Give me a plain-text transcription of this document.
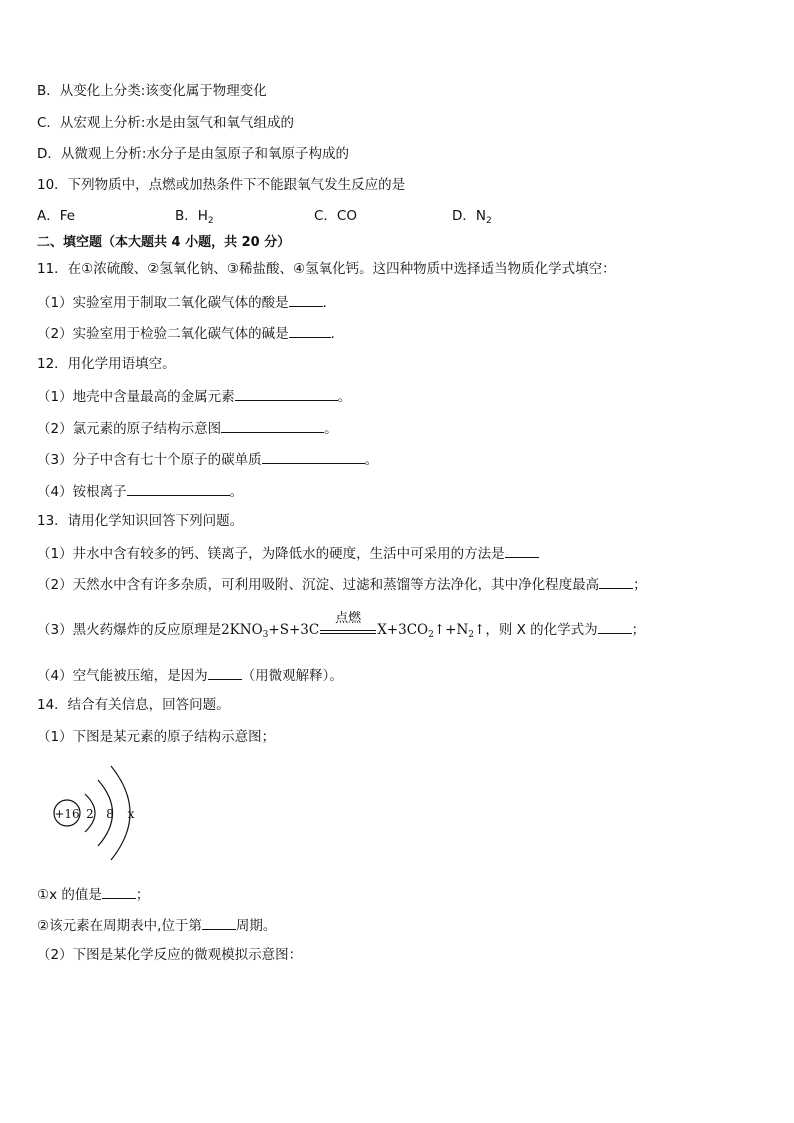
B．从变化上分类:该变化属于物理变化
C．从宏观上分析:水是由氢气和氧气组成的
D．从微观上分析:水分子是由氢原子和氧原子构成的
10．下列物质中，点燃或加热条件下不能跟氧气发生反应的是
A．Fe	B．$H_2$	C．CO	D．$N_2$
二、填空题（本大题共 4 小题，共 20 分）
11．在①浓硫酸、②氢氧化钠、③稀盐酸、④氢氧化钙。这四种物质中选择适当物质化学式填空：
（1）实验室用于制取二氧化碳气体的酸是	.
（2）实验室用于检验二氧化碳气体的碱是	.
12．用化学用语填空。
（1）地壳中含量最高的金属元素	。
（2）氯元素的原子结构示意图	。
（3）分子中含有七十个原子的碳单质	。
（4）铵根离子	。
13．请用化学知识回答下列问题。
（1）井水中含有较多的钙、镁离子，为降低水的硬度，生活中可采用的方法是
（2）天然水中含有许多杂质，可利用吸附、沉淀、过滤和蒸馏等方法净化，其中净化程度最高	；
（3）黑火药爆炸的反应原理是$2KNO_3+S+3C$
点燃
$X+3CO_2↑+N_2↑$，则 X 的化学式为	；
（4）空气能被压缩，是因为	（用微观解释）。
14．结合有关信息，回答问题。
（1）下图是某元素的原子结构示意图；
+16 2 8 x
①x 的值是	；
②该元素在周期表中,位于第	周期。
（2）下图是某化学反应的微观模拟示意图：
